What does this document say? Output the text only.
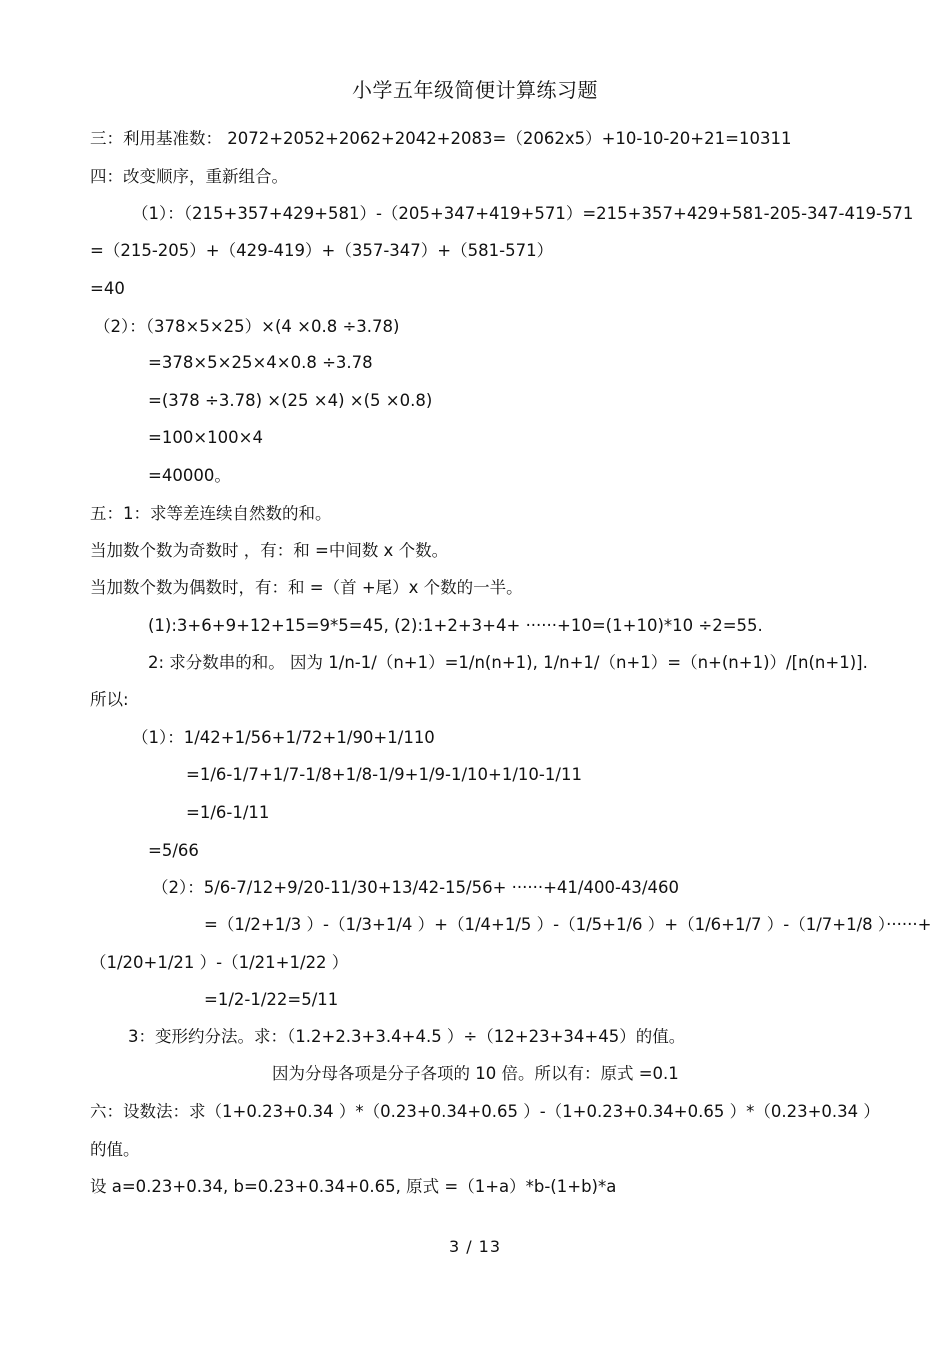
小学五年级简便计算练习题
三：利用基准数： 2072+2052+2062+2042+2083=（2062x5）+10-10-20+21=10311
四：改变顺序，重新组合。
（1）：（215+357+429+581）-（205+347+419+571）=215+357+429+581-205-347-419-571
=（215-205）+（429-419）+（357-347）+（581-571）
=40
（2）：（378×5×25）×(4 ×0.8 ÷3.78)
=378×5×25×4×0.8 ÷3.78
=(378 ÷3.78) ×(25 ×4) ×(5 ×0.8)
=100×100×4
=40000。
五：1：求等差连续自然数的和。
当加数个数为奇数时 ，有：和 =中间数 x 个数。
当加数个数为偶数时，有：和 =（首 +尾）x 个数的一半。
(1):3+6+9+12+15=9*5=45, (2):1+2+3+4+ ······+10=(1+10)*10 ÷2=55.
2: 求分数串的和。 因为 1/n-1/（n+1）=1/n(n+1), 1/n+1/（n+1）=（n+(n+1)）/[n(n+1)].
所以:
（1）：1/42+1/56+1/72+1/90+1/110
=1/6-1/7+1/7-1/8+1/8-1/9+1/9-1/10+1/10-1/11
=1/6-1/11
=5/66
（2）：5/6-7/12+9/20-11/30+13/42-15/56+ ······+41/400-43/460
=（1/2+1/3 ）-（1/3+1/4 ）+（1/4+1/5 ）-（1/5+1/6 ）+（1/6+1/7 ）-（1/7+1/8 ）······+
（1/20+1/21 ）-（1/21+1/22 ）
=1/2-1/22=5/11
3：变形约分法。求：（1.2+2.3+3.4+4.5 ）÷（12+23+34+45）的值。
因为分母各项是分子各项的 10 倍。所以有：原式 =0.1
六：设数法：求（1+0.23+0.34 ）*（0.23+0.34+0.65 ）-（1+0.23+0.34+0.65 ）*（0.23+0.34 ）
的值。
设 a=0.23+0.34, b=0.23+0.34+0.65, 原式 =（1+a）*b-(1+b)*a
3 / 13
